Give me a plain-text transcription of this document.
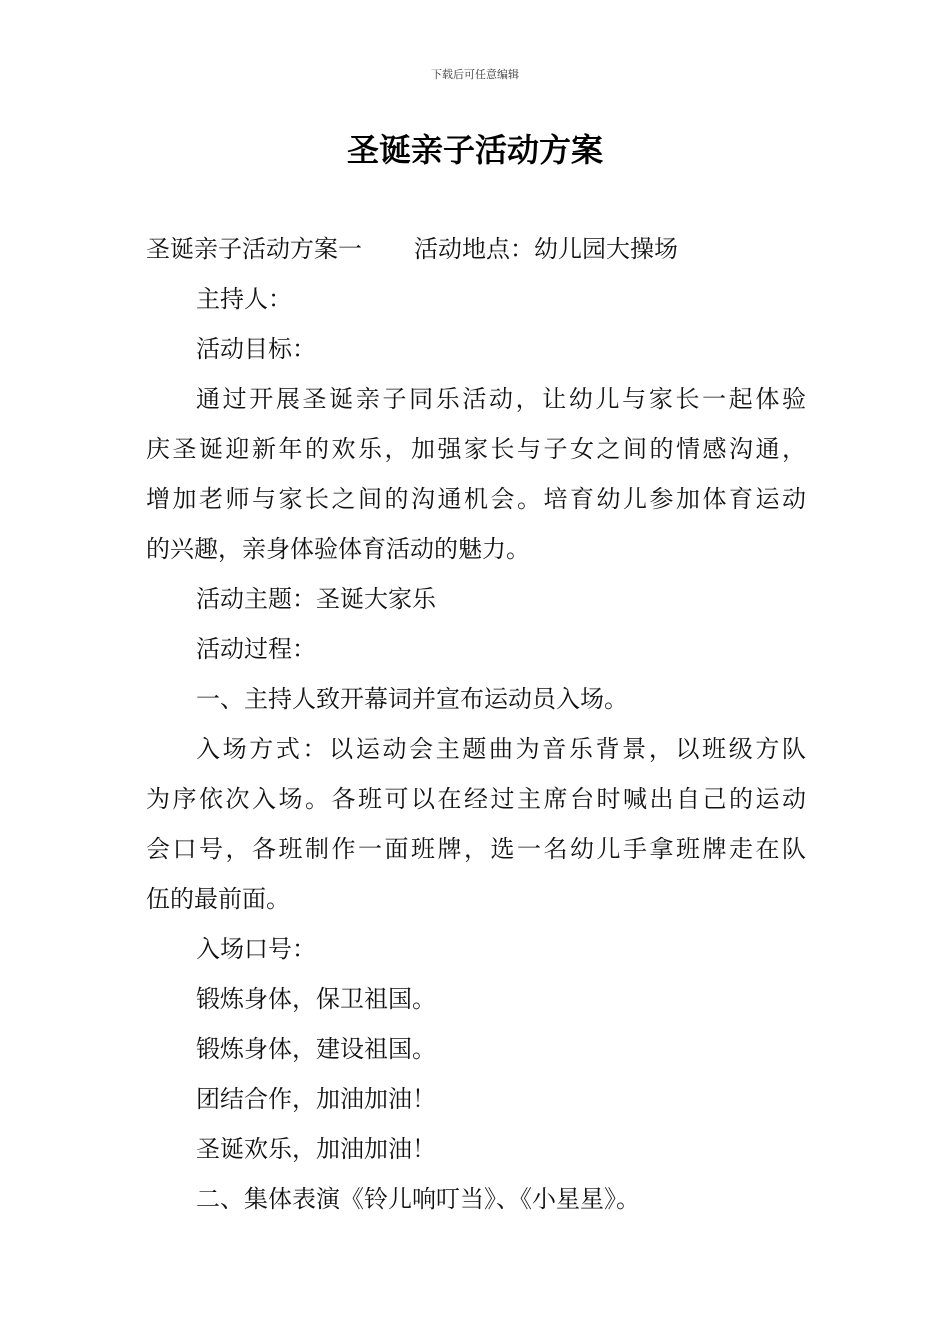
下载后可任意编辑
圣诞亲子活动方案
圣诞亲子活动方案一 活动地点：幼儿园大操场
主持人：
活动目标：
通过开展圣诞亲子同乐活动，让幼儿与家长一起体验
庆圣诞迎新年的欢乐，加强家长与子女之间的情感沟通，
增加老师与家长之间的沟通机会。培育幼儿参加体育运动
的兴趣，亲身体验体育活动的魅力。
活动主题：圣诞大家乐
活动过程：
一、主持人致开幕词并宣布运动员入场。
入场方式：以运动会主题曲为音乐背景，以班级方队
为序依次入场。各班可以在经过主席台时喊出自己的运动
会口号，各班制作一面班牌，选一名幼儿手拿班牌走在队
伍的最前面。
入场口号：
锻炼身体，保卫祖国。
锻炼身体，建设祖国。
团结合作，加油加油！
圣诞欢乐，加油加油！
二、集体表演《铃儿响叮当》、《小星星》。
